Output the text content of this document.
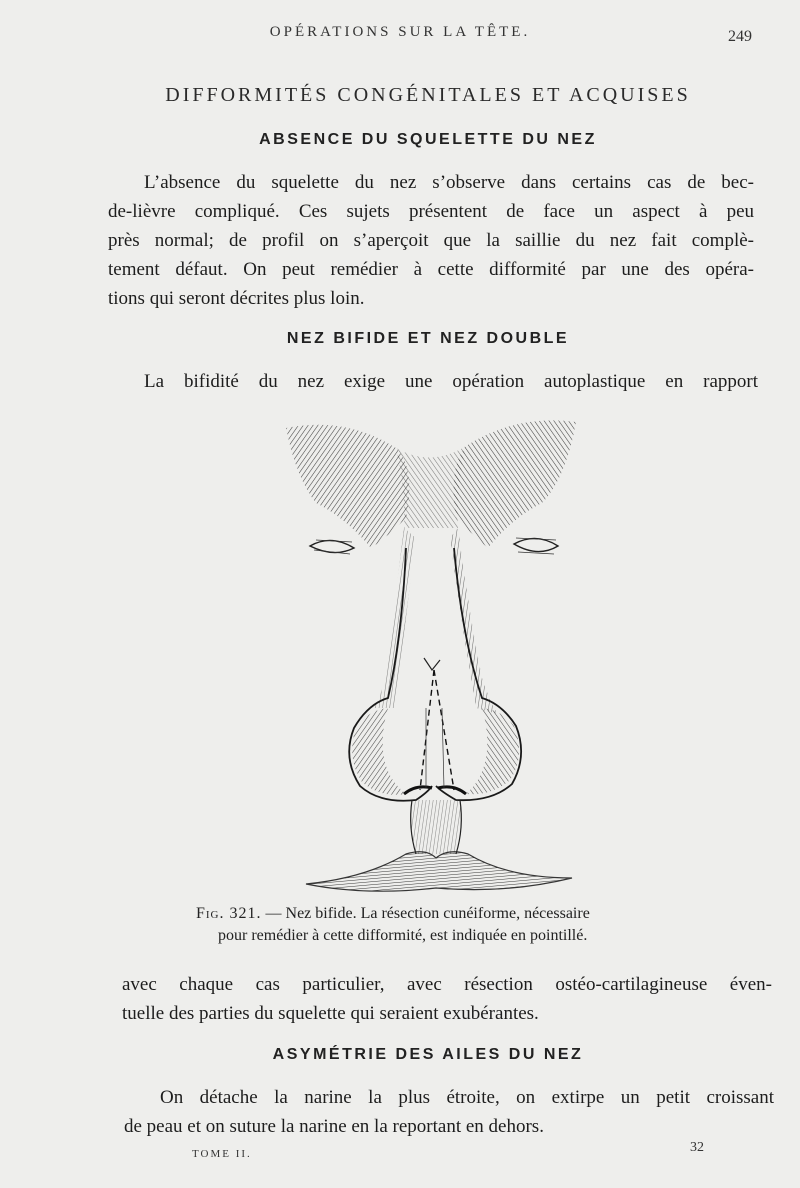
OPÉRATIONS SUR LA TÊTE.	249
DIFFORMITÉS CONGÉNITALES ET ACQUISES
ABSENCE DU SQUELETTE DU NEZ
L’absence du squelette du nez s’observe dans certains cas de bec-
de-lièvre compliqué. Ces sujets présentent de face un aspect à peu
près normal; de profil on s’aperçoit que la saillie du nez fait complè-
tement défaut. On peut remédier à cette difformité par une des opéra-
tions qui seront décrites plus loin.
NEZ BIFIDE ET NEZ DOUBLE
La bifidité du nez exige une opération autoplastique en rapport
Fig. 321. — Nez bifide. La résection cunéiforme, nécessaire
pour remédier à cette difformité, est indiquée en pointillé.
avec chaque cas particulier, avec résection ostéo-cartilagineuse éven-
tuelle des parties du squelette qui seraient exubérantes.
ASYMÉTRIE DES AILES DU NEZ
On détache la narine la plus étroite, on extirpe un petit croissant
de peau et on suture la narine en la reportant en dehors.
TOME II.	32
